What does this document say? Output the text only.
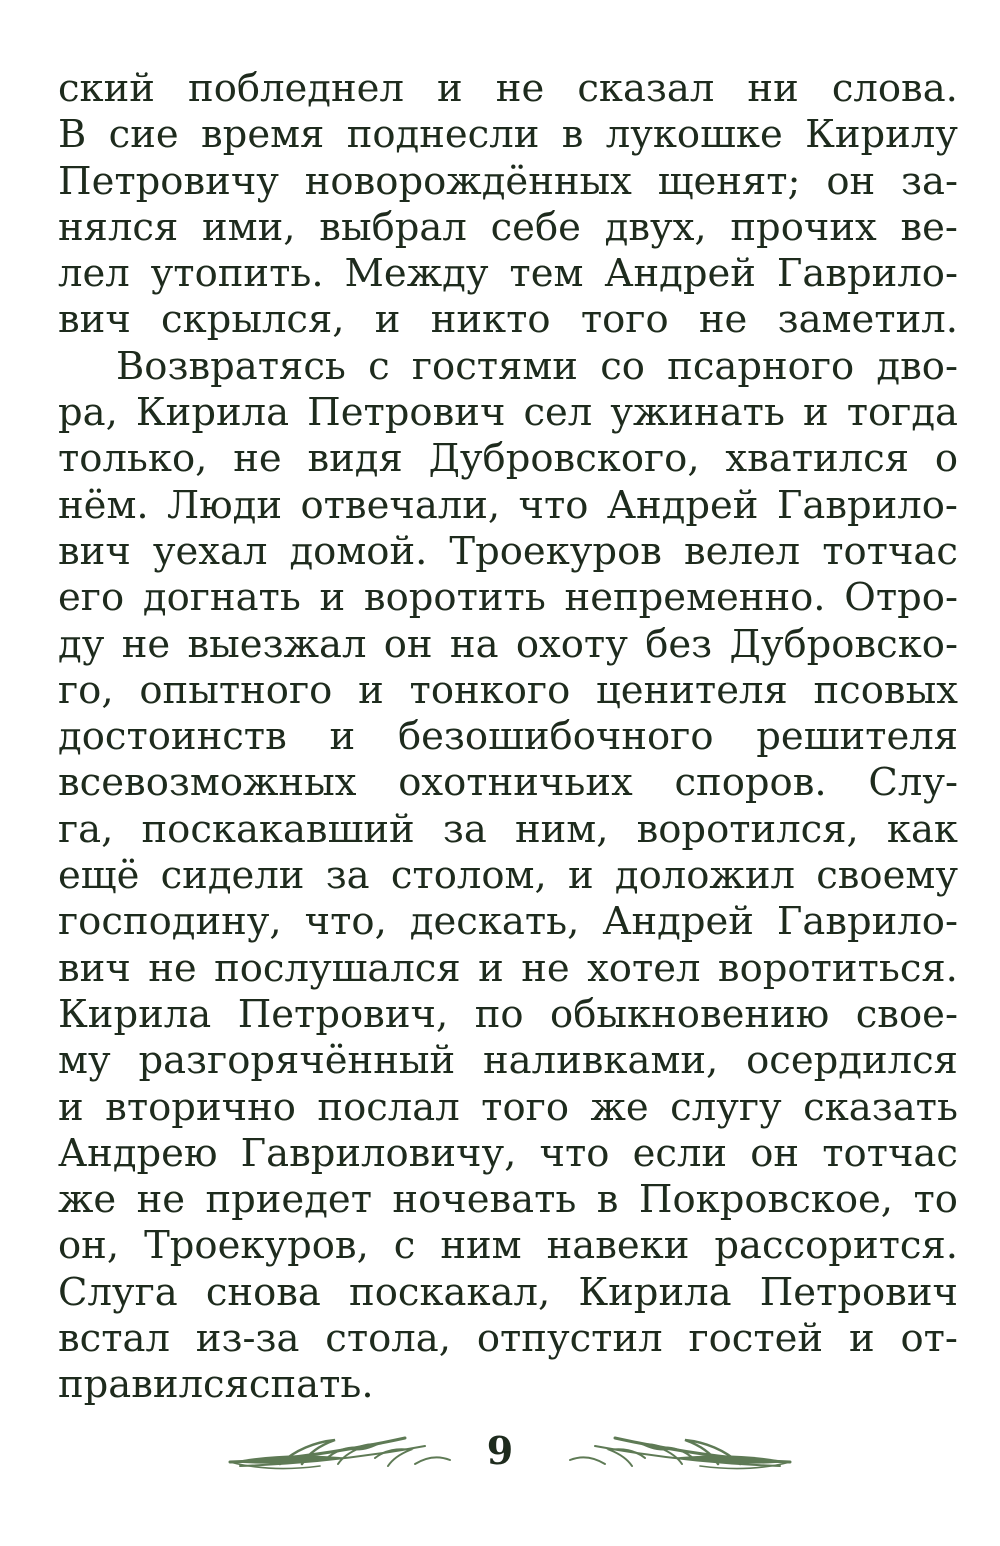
ский побледнел и не сказал ни слова.
В сие время поднесли в лукошке Кирилу
Петровичу новорождённых щенят; он за-
нялся ими, выбрал себе двух, прочих ве-
лел утопить. Между тем Андрей Гаврило-
вич скрылся, и никто того не заметил.
Возвратясь с гостями со псарного дво-
ра, Кирила Петрович сел ужинать и тогда
только, не видя Дубровского, хватился о
нём. Люди отвечали, что Андрей Гаврило-
вич уехал домой. Троекуров велел тотчас
его догнать и воротить непременно. Отро-
ду не выезжал он на охоту без Дубровско-
го, опытного и тонкого ценителя псовых
достоинств и безошибочного решителя
всевозможных охотничьих споров. Слу-
га, поскакавший за ним, воротился, как
ещё сидели за столом, и доложил своему
господину, что, дескать, Андрей Гаврило-
вич не послушался и не хотел воротиться.
Кирила Петрович, по обыкновению свое-
му разгорячённый наливками, осердился
и вторично послал того же слугу сказать
Андрею Гавриловичу, что если он тотчас
же не приедет ночевать в Покровское, то
он, Троекуров, с ним навеки рассорится.
Слуга снова поскакал, Кирила Петрович
встал из-за стола, отпустил гостей и от-
правился спать.
9
